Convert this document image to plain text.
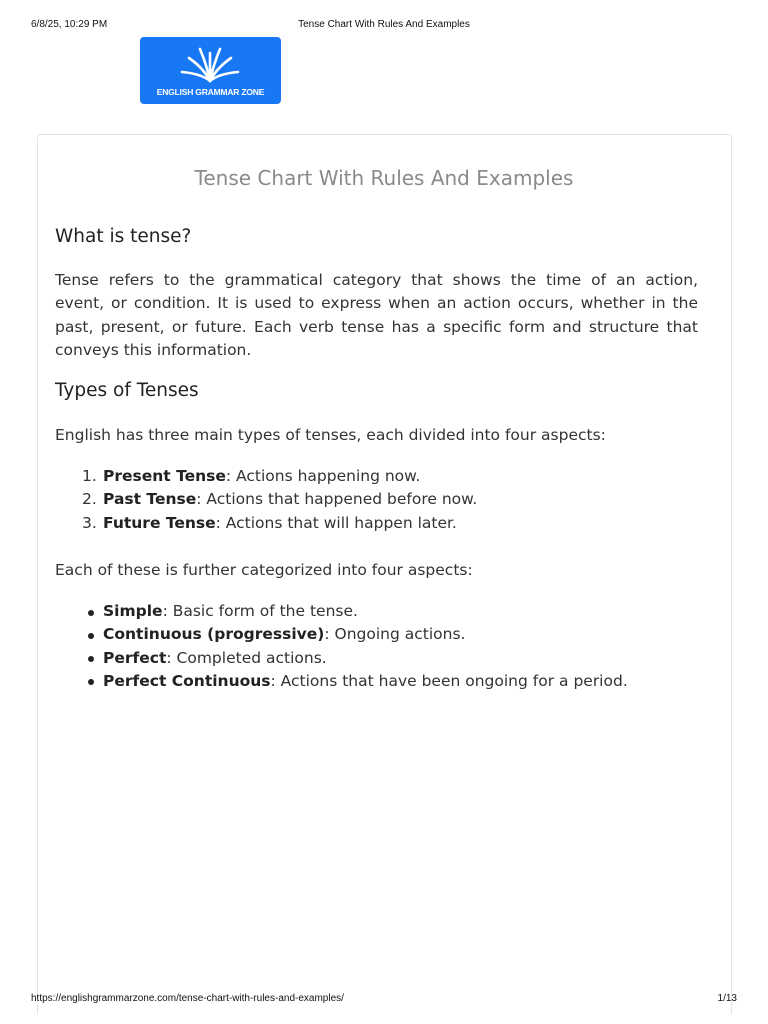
6/8/25, 10:29 PM	Tense Chart With Rules And Examples
ENGLISH GRAMMAR ZONE
Tense Chart With Rules And Examples
What is tense?
Tense refers to the grammatical category that shows the time of an action,
event, or condition. It is used to express when an action occurs, whether in the
past, present, or future. Each verb tense has a specific form and structure that
conveys this information.
Types of Tenses
English has three main types of tenses, each divided into four aspects:
1. Present Tense: Actions happening now.
2. Past Tense: Actions that happened before now.
3. Future Tense: Actions that will happen later.
Each of these is further categorized into four aspects:
Simple: Basic form of the tense.
Continuous (progressive): Ongoing actions.
Perfect: Completed actions.
Perfect Continuous: Actions that have been ongoing for a period.
https://englishgrammarzone.com/tense-chart-with-rules-and-examples/	1/13
